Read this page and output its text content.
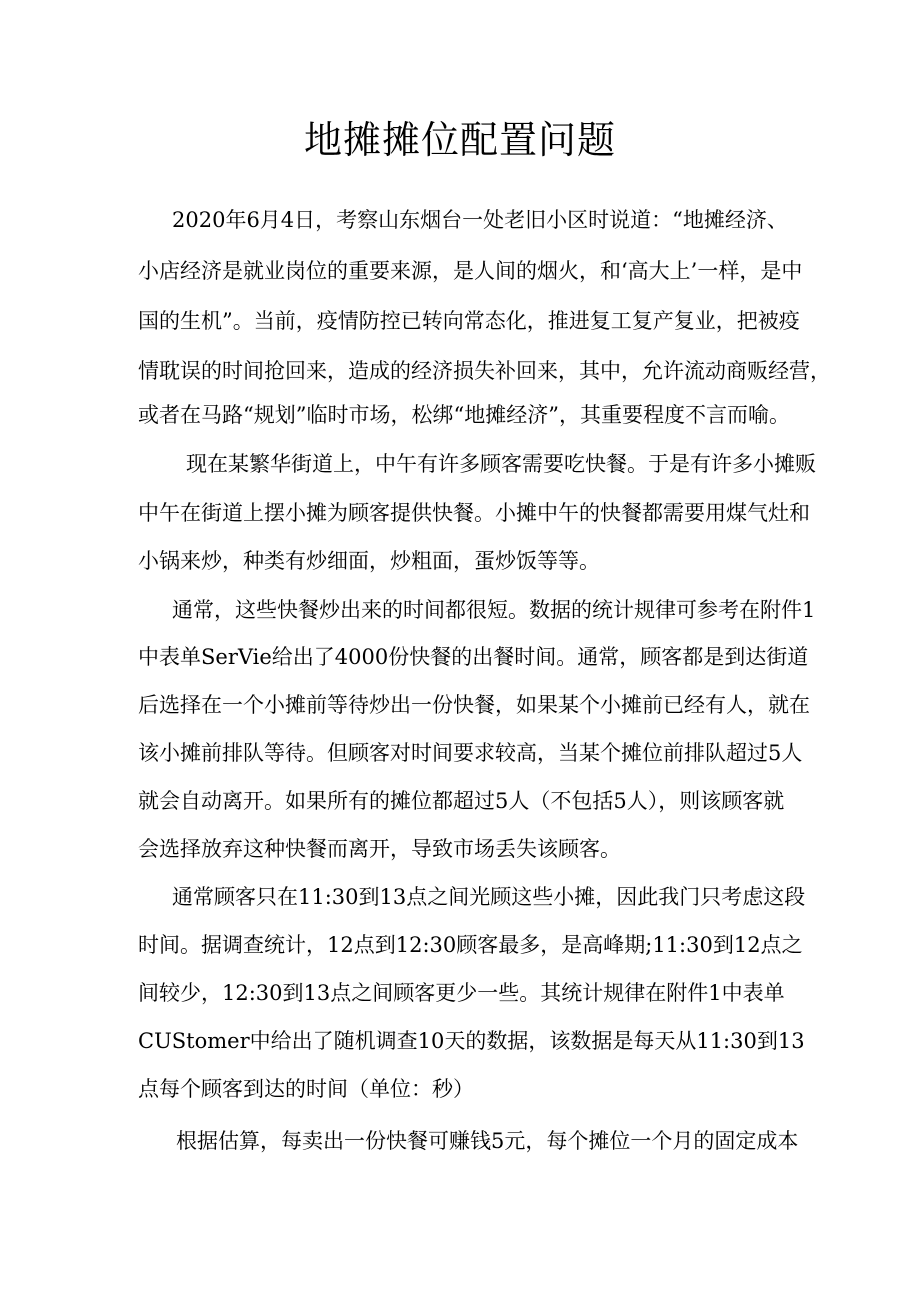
地摊摊位配置问题
2020年6月4日，考察山东烟台一处老旧小区时说道：“地摊经济、
小店经济是就业岗位的重要来源，是人间的烟火，和‘高大上’一样，是中
国的生机”。当前，疫情防控已转向常态化，推进复工复产复业，把被疫
情耽误的时间抢回来，造成的经济损失补回来，其中，允许流动商贩经营，
或者在马路“规划”临时市场，松绑“地摊经济”，其重要程度不言而喻。
现在某繁华街道上，中午有许多顾客需要吃快餐。于是有许多小摊贩
中午在街道上摆小摊为顾客提供快餐。小摊中午的快餐都需要用煤气灶和
小锅来炒，种类有炒细面，炒粗面，蛋炒饭等等。
通常，这些快餐炒出来的时间都很短。数据的统计规律可参考在附件1
中表单SerVie给出了4000份快餐的出餐时间。通常，顾客都是到达街道
后选择在一个小摊前等待炒出一份快餐，如果某个小摊前已经有人，就在
该小摊前排队等待。但顾客对时间要求较高，当某个摊位前排队超过5人
就会自动离开。如果所有的摊位都超过5人（不包括5人），则该顾客就
会选择放弃这种快餐而离开，导致市场丢失该顾客。
通常顾客只在11:30到13点之间光顾这些小摊，因此我门只考虑这段
时间。据调查统计，12点到12:30顾客最多，是高峰期;11:30到12点之
间较少，12:30到13点之间顾客更少一些。其统计规律在附件1中表单
CUStomer中给出了随机调查10天的数据，该数据是每天从11:30到13
点每个顾客到达的时间（单位：秒）
根据估算，每卖出一份快餐可赚钱5元，每个摊位一个月的固定成本
